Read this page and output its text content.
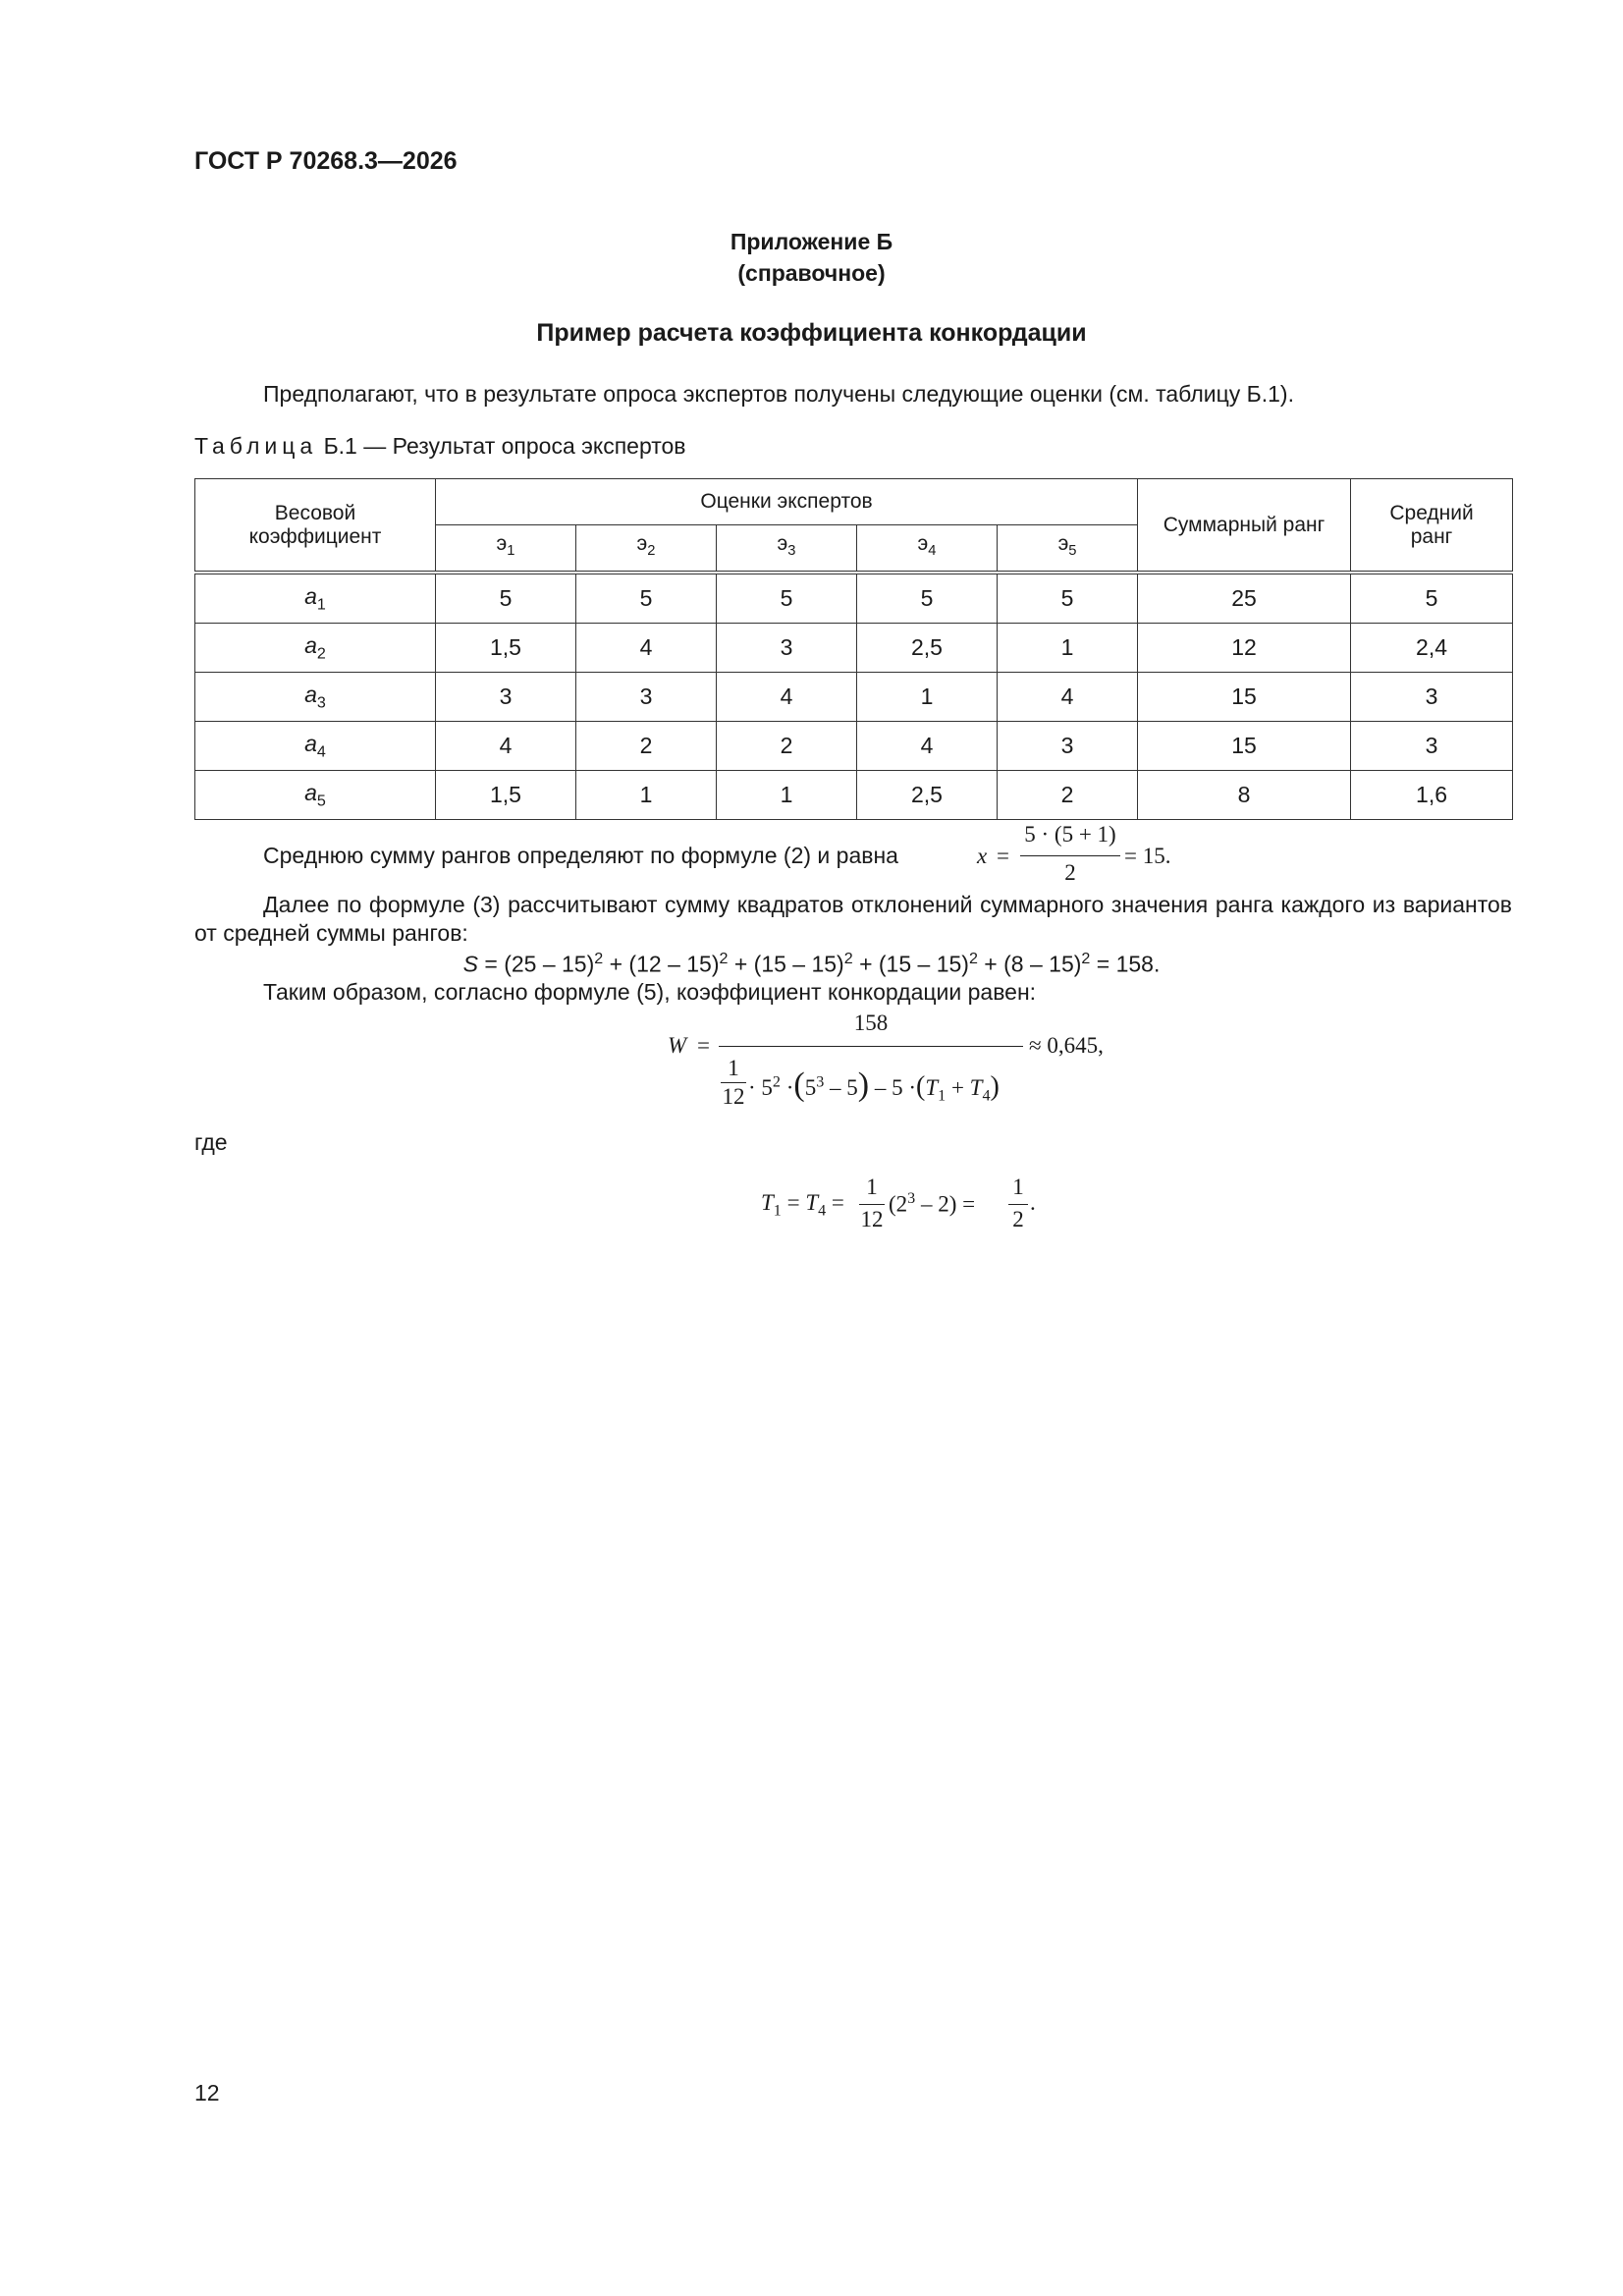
ГОСТ Р 70268.3—2026
Приложение Б
(справочное)
Пример расчета коэффициента конкордации
Предполагают, что в результате опроса экспертов получены следующие оценки (см. таблицу Б.1).
Таблица Б.1 — Результат опроса экспертов
Весовой коэффициент	Оценки экспертов					Суммарный ранг	Средний ранг

	$э_1$	$э_2$	$э_3$	$э_4$	$э_5$
$a_1$	5	5	5	5	5	25	5
$a_2$	1,5	4	3	2,5	1	12	2,4
$a_3$	3	3	4	1	4	15	3
$a_4$	4	2	2	4	3	15	3
$a_5$	1,5	1	1	2,5	2	8	1,6
Среднюю сумму рангов определяют по формуле (2) и равна	x =
5 · (5 + 1)
2
= 15.
Далее по формуле (3) рассчитывают сумму квадратов отклонений суммарного значения ранга каждого из вариантов от средней суммы рангов:
S = (25 – 15)$^2$ + (12 – 15)$^2$ + (15 – 15)$^2$ + (15 – 15)$^2$ + (8 – 15)$^2$ = 158.
Таким образом, согласно формуле (5), коэффициент конкордации равен:
W =
158
1
$12 \cdot 5^2 \cdot(5^3 - 5) - 5 \cdot(T_1 + T_4)$
≈ 0,645,
где
$T_1 = T_4$ =
1
12
$(2^3 - 2)$ =
1
2
.
12
